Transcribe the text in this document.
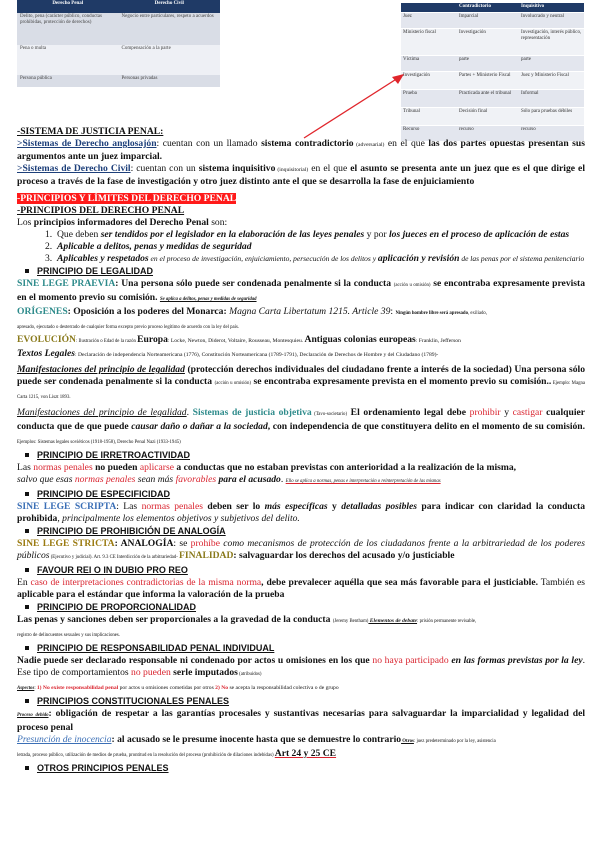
Derecho Penal	Derecho Civil
Delito, pena (carácter público, conductas prohibidas, protección de derechos)	Negocio entre particulares, respeto a acuerdos
Pena o multa	Compensación a la parte
Persona pública	Personas privadas
	Contradictorio	Inquisitivo
Juez	Imparcial	Involucrado y neutral
Ministerio fiscal	Investigación	Investigación, interés público, representación
Víctima	parte	parte
Investigación	Partes + Ministerio Fiscal	Juez y Ministerio Fiscal
Prueba	Practicada ante el tribunal	Informal
Tribunal	Decisión final	Sólo para pruebas débiles
Recurso	recurso	recurso

-SISTEMA DE JUSTICIA PENAL:

>Sistemas de Derecho anglosajón: cuentan con un llamado sistema contradictorio (adversarial) en el que las dos partes opuestas presentan sus argumentos ante un juez imparcial.

>Sistemas de Derecho Civil: cuentan con un sistema inquisitivo (inquisitorial) en el que el asunto se presenta ante un juez que es el que dirige el proceso a través de la fase de investigación y otro juez distinto ante el que se desarrolla la fase de enjuiciamiento

-PRINCIPIOS Y LÍMITES DEL DERECHO PENAL

-PRINCIPIOS DEL DERECHO PENAL

Los principios informadores del Derecho Penal son:

1. Que deben ser tendidos por el legislador en la elaboración de las leyes penales y por los jueces en el proceso de aplicación de estas

2. Aplicable a delitos, penas y medidas de seguridad

3. Aplicables y respetados en el proceso de investigación, enjuiciamiento, persecución de los delitos y aplicación y revisión de las penas por el sistema penitenciario

PRINCIPIO DE LEGALIDAD

SINE LEGE PRAEVIA: Una persona sólo puede ser condenada penalmente si la conducta (acción u omisión) se encontraba expresamente prevista en el momento previo su comisión. Se aplica a delitos, penas y medidas de seguridad

ORÍGENES: Oposición a los poderes del Monarca: Magna Carta Libertatum 1215. Article 39: Ningún hombre libre será apresado, exiliado,
apresado, ejecutado o desterrado de cualquier forma excepto previo proceso legítimo de acuerdo con la ley del país.

EVOLUCIÓN: Ilustración o Edad de la razón Europa: Locke, Newton, Diderot, Voltaire, Rousseau, Montesquieu. Antiguas colonias europeas: Franklin, Jefferson
Textos Legales: Declaración de independencia Norteamericana (1776), Constitución Norteamericana (1789-1791), Declaración de Derechos de Hombre y del Ciudadano (1789)-

Manifestaciones del principio de legalidad (protección derechos individuales del ciudadano frente a interés de la sociedad) Una persona sólo puede ser condenada penalmente si la conducta (acción u omisión) se encontraba expresamente prevista en el momento previo su comisión.. Ejemplo: Magna Carta 1215, von Liszt 1893.

Manifestaciones del principio de legalidad. Sistemas de justicia objetiva (Tavo-societario) El ordenamiento legal debe prohibir y castigar cualquier conducta que de que puede causar daño o dañar a la sociedad, con independencia de que constituyera delito en el momento de su comisión. Ejemplos: Sistemas legales soviéticos (1918-1958), Derecho Penal Nazi (1933-1945)

PRINCIPIO DE IRRETROACTIVIDAD

Las normas penales no pueden aplicarse a conductas que no estaban previstas con anterioridad a la realización de la misma,
salvo que esas normas penales sean más favorables para el acusado. Ello se aplica a normas, penas e interpretación o reinterpretación de las mismas

PRINCIPIO DE ESPECIFICIDAD

SINE LEGE SCRIPTA: Las normas penales deben ser lo más específicas y detalladas posibles para indicar con claridad la conducta prohibida, principalmente los elementos objetivos y subjetivos del delito.

PRINCIPIO DE PROHIBICIÓN DE ANALOGÍA

SINE LEGE STRICTA: ANALOGÍA: se prohíbe como mecanismos de protección de los ciudadanos frente a la arbitrariedad de los poderes públicos (Ejecutivo y judicial). Art. 9.3 CE Interdicción de la arbitrariedad- FINALIDAD: salvaguardar los derechos del acusado y/o justiciable

FAVOUR REI O IN DUBIO PRO REO

En caso de interpretaciones contradictorias de la misma norma, debe prevalecer aquélla que sea más favorable para el justiciable. También es aplicable para el estándar que informa la valoración de la prueba

PRINCIPIO DE PROPORCIONALIDAD

Las penas y sanciones deben ser proporcionales a la gravedad de la conducta (Jeremy Bentham) Elementos de debate: prisión permanente revisable,
registro de delincuentes sexuales y sus implicaciones.

PRINCIPIO DE RESPONSABILIDAD PENAL INDIVIDUAL

Nadie puede ser declarado responsable ni condenado por actos u omisiones en los que no haya participado en las formas previstas por la ley. Ese tipo de comportamientos no pueden serle imputados (atribuidos)

Aspectos: 1) No existe responsabilidad penal por actos u omisiones cometidas por otros 2) No se acepta la responsabilidad colectiva o de grupo

PRINCIPIOS CONSTITUCIONALES PENALES

Proceso debido: obligación de respetar a las garantías procesales y sustantivas necesarias para salvaguardar la imparcialidad y legalidad del proceso penal

Presunción de inocencia: al acusado se le presume inocente hasta que se demuestre lo contrario Otros: juez predeterminado por la ley, asistencia
letrada, proceso público, utilización de medios de prueba, prontitud en la resolución del proceso (prohibición de dilaciones indebidas) Art 24 y 25 CE

OTROS PRINCIPIOS PENALES
